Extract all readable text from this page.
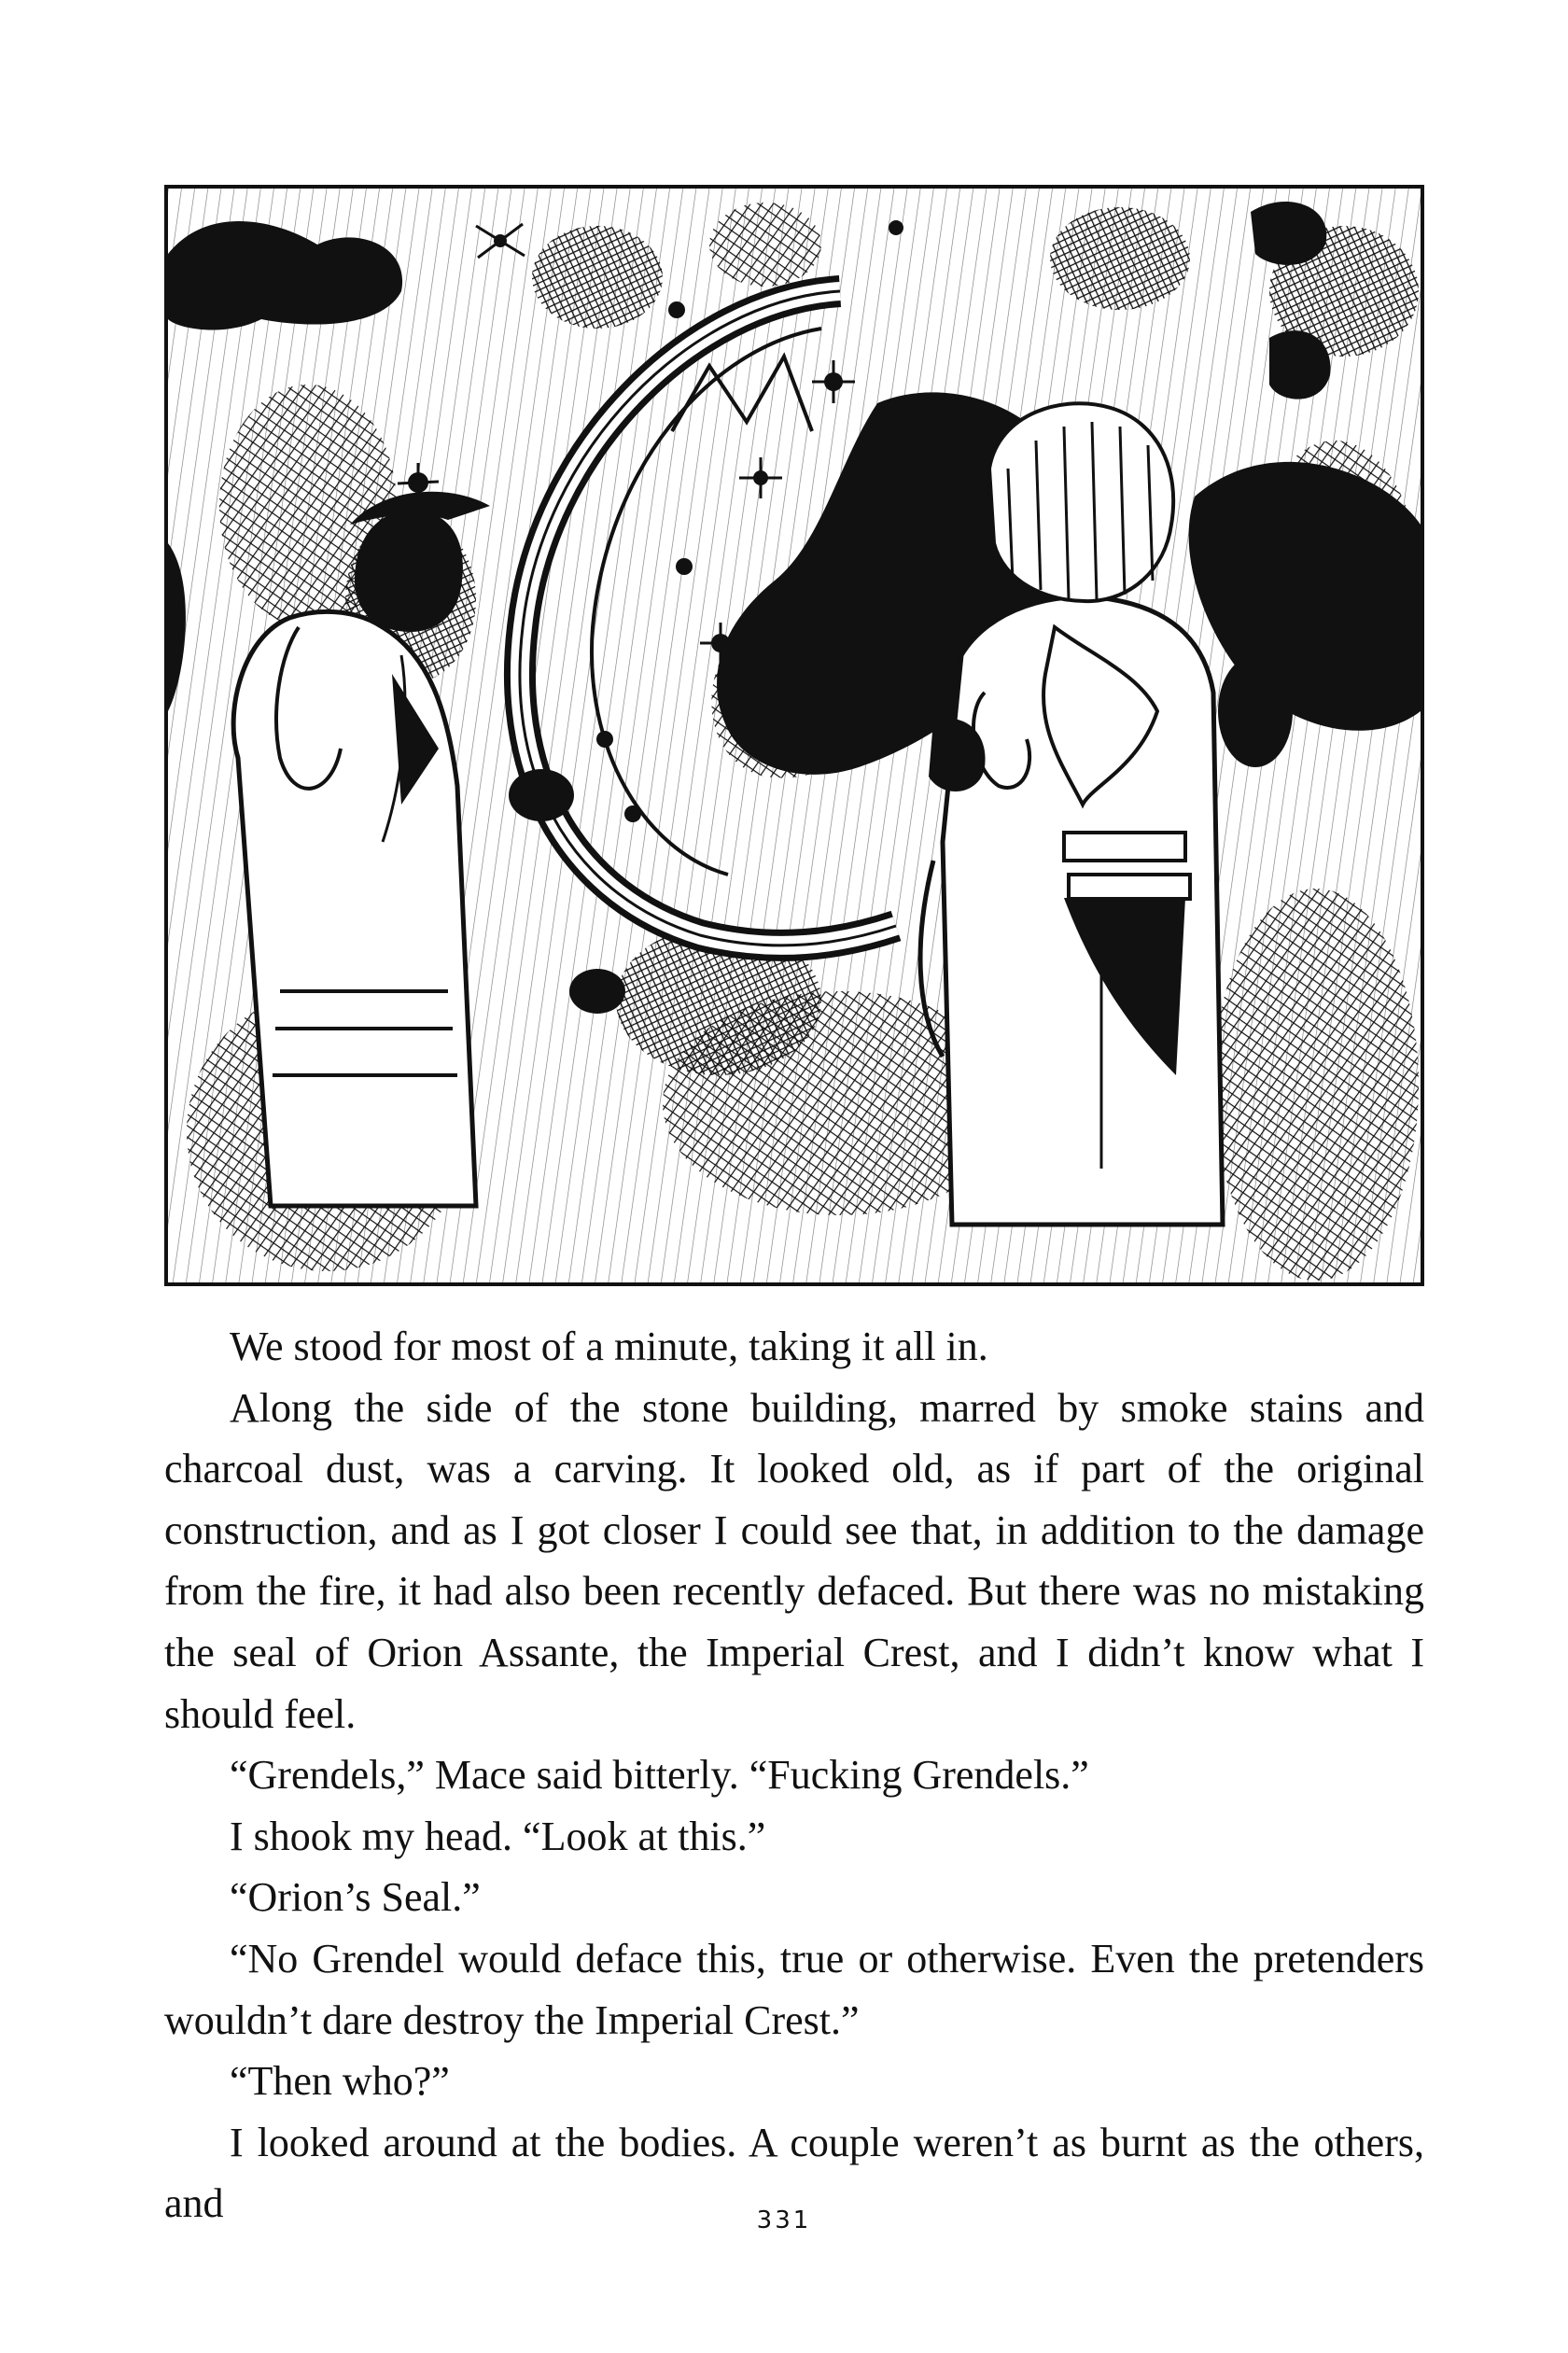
We stood for most of a minute, taking it all in.

Along the side of the stone building, marred by smoke stains and charcoal dust, was a carving. It looked old, as if part of the original construction, and as I got closer I could see that, in addition to the damage from the fire, it had also been recently defaced. But there was no mistaking the seal of Orion Assante, the Imperial Crest, and I didn’t know what I should feel.

“Grendels,” Mace said bitterly. “Fucking Grendels.”

I shook my head. “Look at this.”

“Orion’s Seal.”

“No Grendel would deface this, true or otherwise. Even the pretenders wouldn’t dare destroy the Imperial Crest.”

“Then who?”

I looked around at the bodies. A couple weren’t as burnt as the others, and	331
